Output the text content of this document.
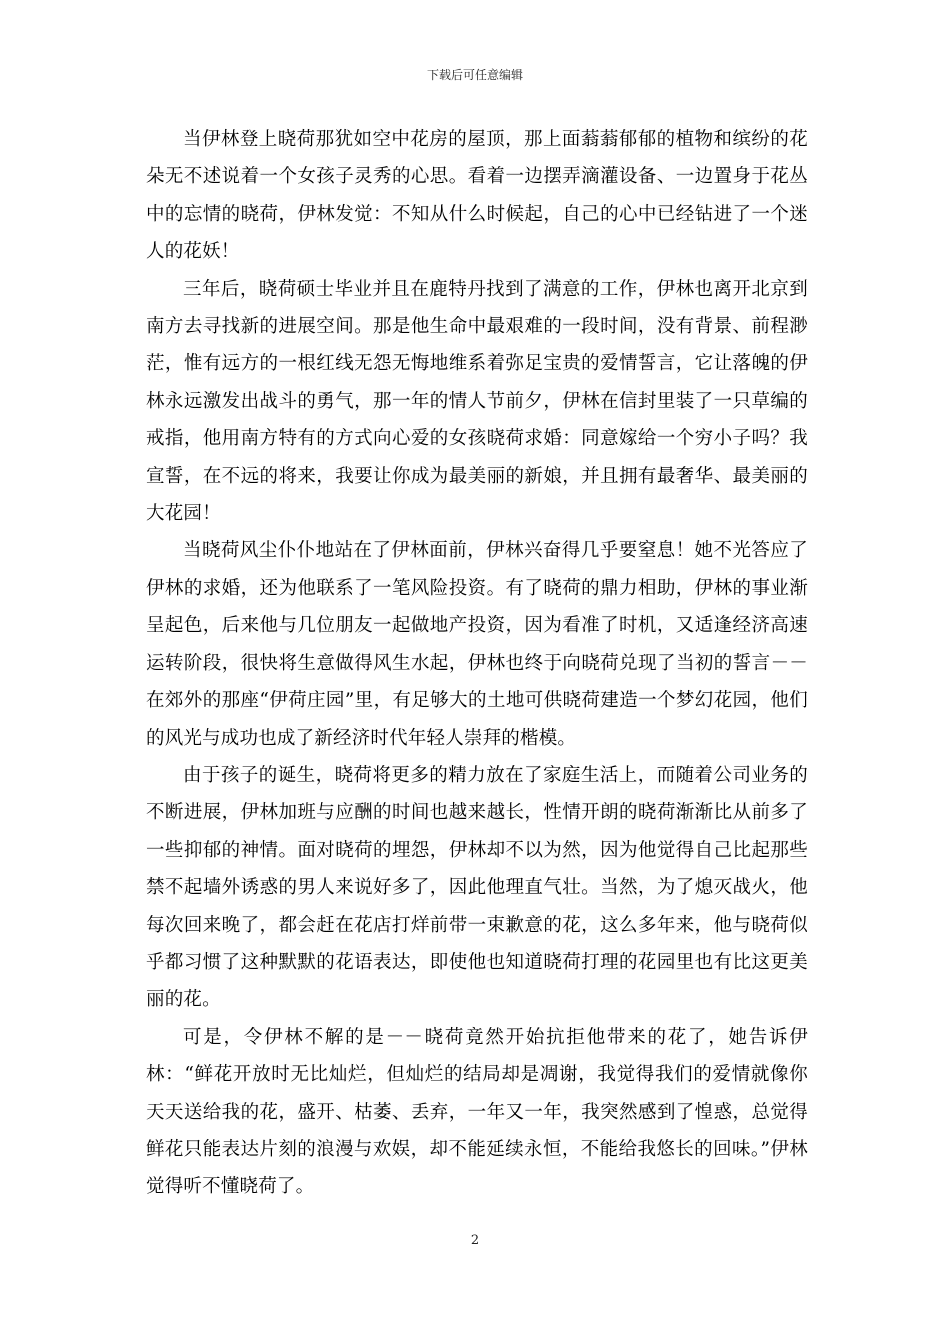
下载后可任意编辑

当伊林登上晓荷那犹如空中花房的屋顶，那上面蓊蓊郁郁的植物和缤纷的花朵无不述说着一个女孩子灵秀的心思。看着一边摆弄滴灌设备、一边置身于花丛中的忘情的晓荷，伊林发觉：不知从什么时候起，自己的心中已经钻进了一个迷人的花妖！

三年后，晓荷硕士毕业并且在鹿特丹找到了满意的工作，伊林也离开北京到南方去寻找新的进展空间。那是他生命中最艰难的一段时间，没有背景、前程渺茫，惟有远方的一根红线无怨无悔地维系着弥足宝贵的爱情誓言，它让落魄的伊林永远激发出战斗的勇气，那一年的情人节前夕，伊林在信封里装了一只草编的戒指，他用南方特有的方式向心爱的女孩晓荷求婚：同意嫁给一个穷小子吗？我宣誓，在不远的将来，我要让你成为最美丽的新娘，并且拥有最奢华、最美丽的大花园！

当晓荷风尘仆仆地站在了伊林面前，伊林兴奋得几乎要窒息！她不光答应了伊林的求婚，还为他联系了一笔风险投资。有了晓荷的鼎力相助，伊林的事业渐呈起色，后来他与几位朋友一起做地产投资，因为看准了时机，又适逢经济高速运转阶段，很快将生意做得风生水起，伊林也终于向晓荷兑现了当初的誓言－－在郊外的那座“伊荷庄园”里，有足够大的土地可供晓荷建造一个梦幻花园，他们的风光与成功也成了新经济时代年轻人崇拜的楷模。

由于孩子的诞生，晓荷将更多的精力放在了家庭生活上，而随着公司业务的不断进展，伊林加班与应酬的时间也越来越长，性情开朗的晓荷渐渐比从前多了一些抑郁的神情。面对晓荷的埋怨，伊林却不以为然，因为他觉得自己比起那些禁不起墙外诱惑的男人来说好多了，因此他理直气壮。当然，为了熄灭战火，他每次回来晚了，都会赶在花店打烊前带一束歉意的花，这么多年来，他与晓荷似乎都习惯了这种默默的花语表达，即使他也知道晓荷打理的花园里也有比这更美丽的花。

可是，令伊林不解的是－－晓荷竟然开始抗拒他带来的花了，她告诉伊林：“鲜花开放时无比灿烂，但灿烂的结局却是凋谢，我觉得我们的爱情就像你天天送给我的花，盛开、枯萎、丢弃，一年又一年，我突然感到了惶惑，总觉得鲜花只能表达片刻的浪漫与欢娱，却不能延续永恒，不能给我悠长的回味。”伊林觉得听不懂晓荷了。

2
